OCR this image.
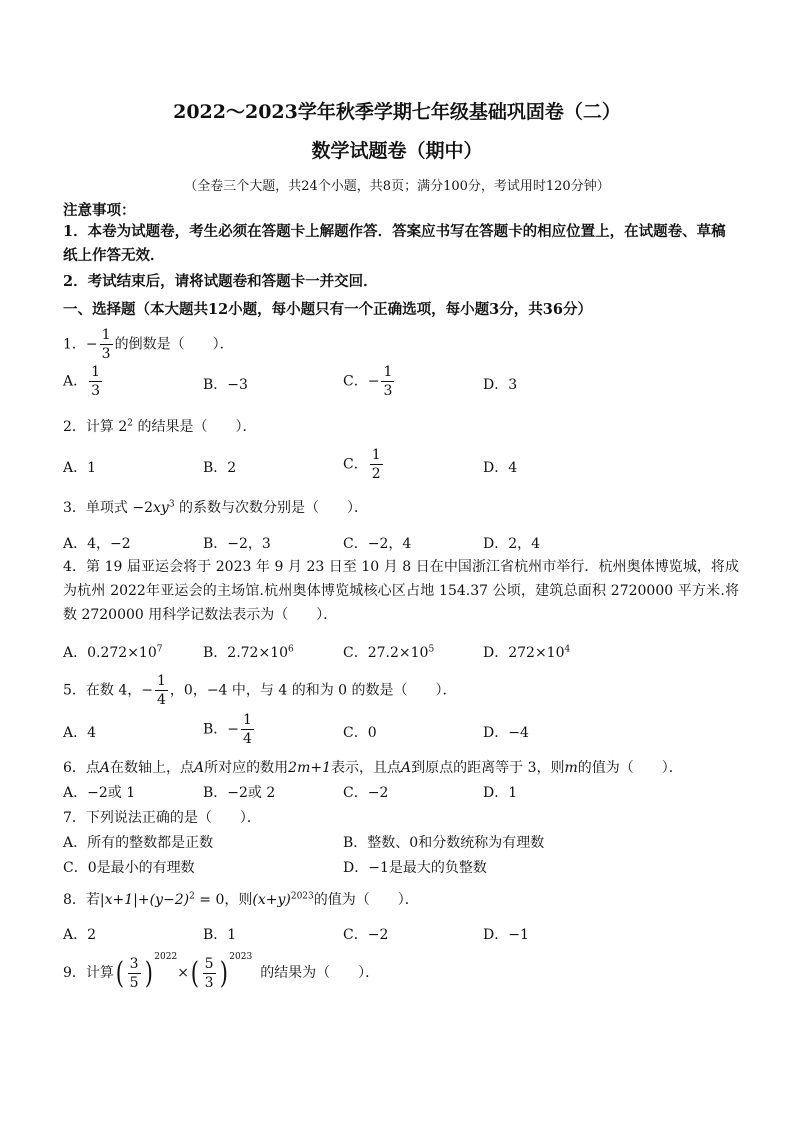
2022～2023学年秋季学期七年级基础巩固卷（二）
数学试题卷（期中）
（全卷三个大题，共24个小题，共8页；满分100分，考试用时120分钟）
注意事项：
1．本卷为试题卷，考生必须在答题卡上解题作答．答案应书写在答题卡的相应位置上，在试题卷、草稿纸上作答无效．
2．考试结束后，请将试题卷和答题卡一并交回．
一、选择题（本大题共12小题，每小题只有一个正确选项，每小题3分，共36分）
1．− $\frac{1}{3}$ 的倒数是（　　）．
A． $\frac{1}{3}$	B．−3	C．− $\frac{1}{3}$	D．3
2．计算 $2^2$ 的结果是（　　）．
A．1	B．2	C． $\frac{1}{2}$	D．4
3．单项式 $-2xy^3$ 的系数与次数分别是（　　）．
A．4，−2	B．−2，3	C．−2，4	D．2，4
4．第 19 届亚运会将于 2023 年 9 月 23 日至 10 月 8 日在中国浙江省杭州市举行．杭州奥体博览城，将成为杭州 2022年亚运会的主场馆.杭州奥体博览城核心区占地 154.37 公顷，建筑总面积 2720000 平方米.将数 2720000 用科学记数法表示为（　　）．
A．$0.272\times 10^7$	B．$2.72\times 10^6$	C．$27.2\times 10^5$	D．$272\times 10^4$
5．在数 4，− $\frac{1}{4}$ ，0，−4 中，与 4 的和为 0 的数是（　　）．
A．4	B．− $\frac{1}{4}$	C．0	D．−4
6．点A在数轴上，点A所对应的数用2m+1表示，且点A到原点的距离等于 3，则m的值为（　　）．
A．−2或 1	B．−2或 2	C．−2	D．1
7．下列说法正确的是（　　）．
A．所有的整数都是正数	B．整数、0和分数统称为有理数
C．0是最小的有理数	D．−1是最大的负整数
8．若$|x+1|+(y-2)^2 = 0$，则$(x+y)^{2023}$的值为（　　）．
A．2	B．1	C．−2	D．−1
9．计算( $\frac{3}{5}$ ) $^{2022}\times( \frac{5}{3}$ ) $^{2023}$的结果为（　　）．
